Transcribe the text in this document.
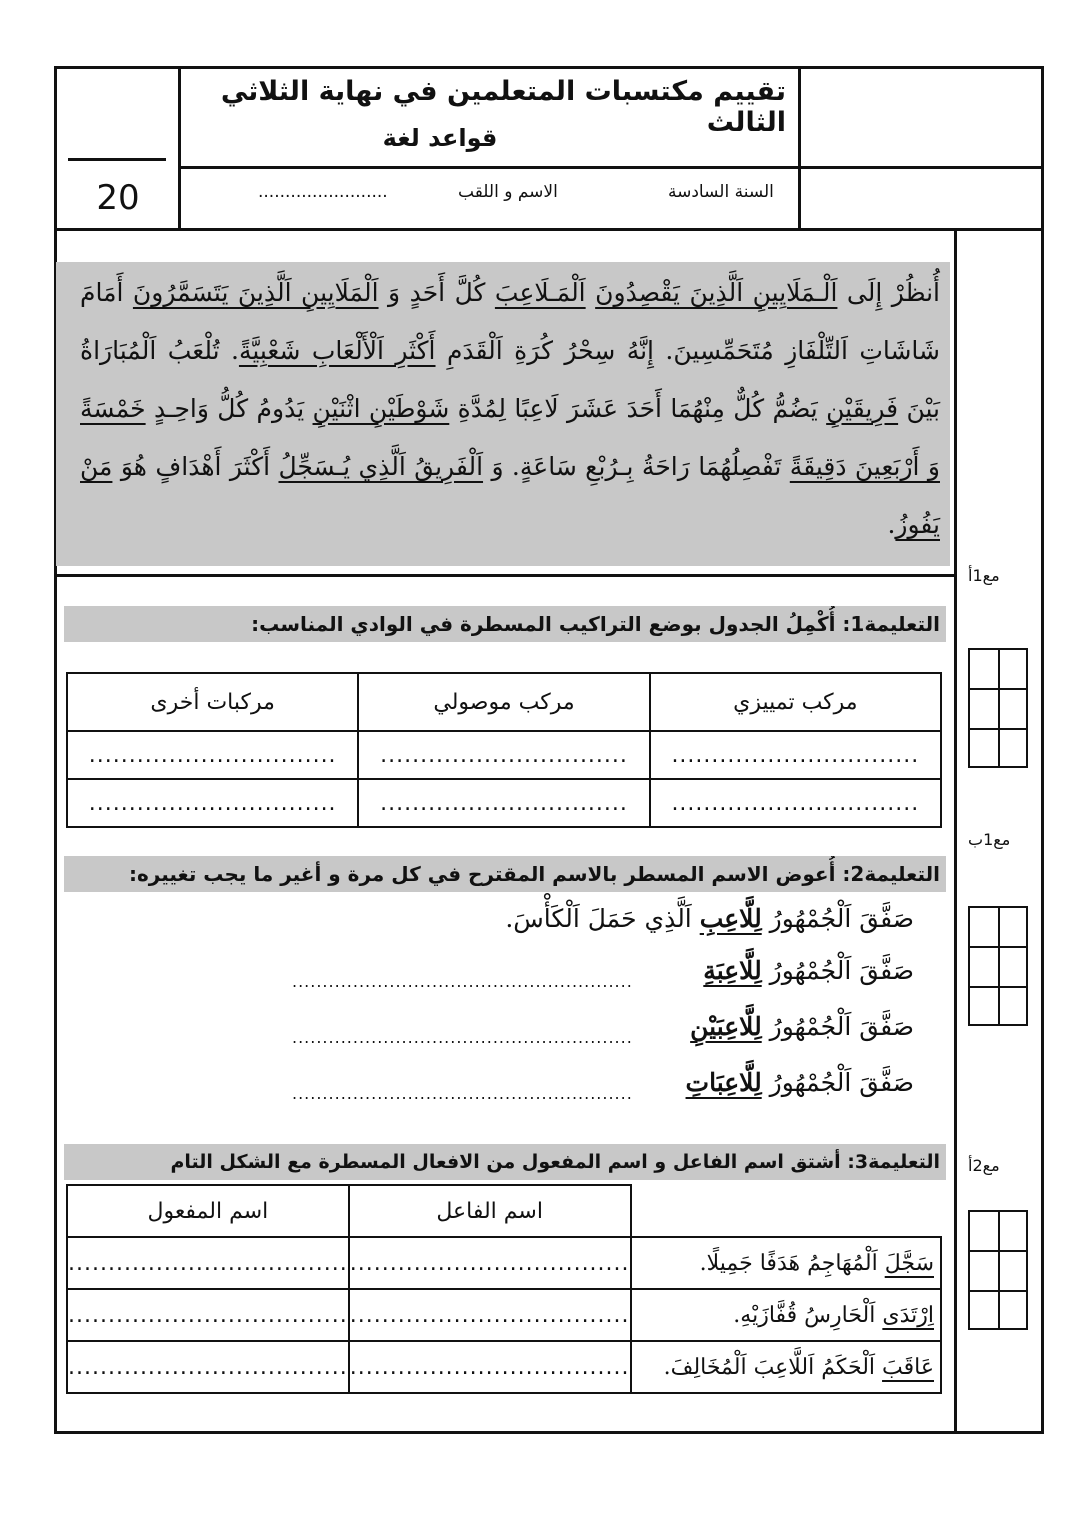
تقييم مكتسبات المتعلمين في نهاية الثلاثي الثالث
قواعد لغة
20	السنة السادسة
الاسم و اللقب
........................
أُنظُرْ إِلَى اَلْـمَلَايِينِ اَلَّذِينَ يَقْصِدُونَ اَلْمَـلَاعِبَ كُلَّ أَحَدٍ وَ اَلْمَلَايِينِ اَلَّذِينَ يَتَسَمَّرُونَ أَمَامَ شَاشَاتِ اَلتِّلْفَازِ مُتَحَمِّسِينَ. إِنَّهُ سِحْرُ كُرَةِ اَلْقَدَمِ أَكْثَرِ اَلْأَلْعَابِ شَعْبِيَّةً. تُلْعَبُ اَلْمُبَارَاةُ بَيْنَ فَرِيقَيْنِ يَضُمُّ كُلٌّ مِنْهُمَا أَحَدَ عَشَرَ لَاعِبًا لِمُدَّةِ شَوْطَيْنِ اثْنَيْنِ يَدُومُ كُلُّ وَاحِـدٍ خَمْسَةً وَ أَرْبَعِينَ دَقِيقَةً تَفْصِلُهُمَا رَاحَةُ بِـرُبْعِ سَاعَةٍ. وَ اَلْفَرِيقُ اَلَّذِي يُـسَجِّلُ أَكْثَرَ أَهْدَافٍ هُوَ مَنْ يَفُوزُ.
مع1أ
مع1ب
مع2أ
التعليمة1: أُكْمِلُ الجدول بوضع التراكيب المسطرة في الوادي المناسب:
مركب تمييزي	مركب موصولي	مركبات أخرى
...............................	...............................	...............................
...............................	...............................	...............................
التعليمة2: أُعوض الاسم المسطر بالاسم المقترح في كل مرة و أغير ما يجب تغييره:
صَفَّقَ اَلْجُمْهُورُ لِلَّاعِبِ اَلَّذِي حَمَلَ اَلْكَأْسَ.
صَفَّقَ اَلْجُمْهُورُ لِلَّاعِبَةِ
........................................................
صَفَّقَ اَلْجُمْهُورُ لِلَّاعِبَيْنِ
........................................................
صَفَّقَ اَلْجُمْهُورُ لِلَّاعِبَاتِ
........................................................
التعليمة3: أشتق اسم الفاعل و اسم المفعول من الافعال المسطرة مع الشكل التام
	اسم الفاعل	اسم المفعول
سَجَّلَ اَلْمُهَاجِمُ هَدَفًا جَمِيلًا.	...................................	...................................
اِرْتَدَى اَلْحَارِسُ قُفَّازَيْهِ.	...................................	...................................
عَاقَبَ اَلْحَكَمُ اَللَّاعِبَ اَلْمُخَالِفَ.	...................................	...................................
